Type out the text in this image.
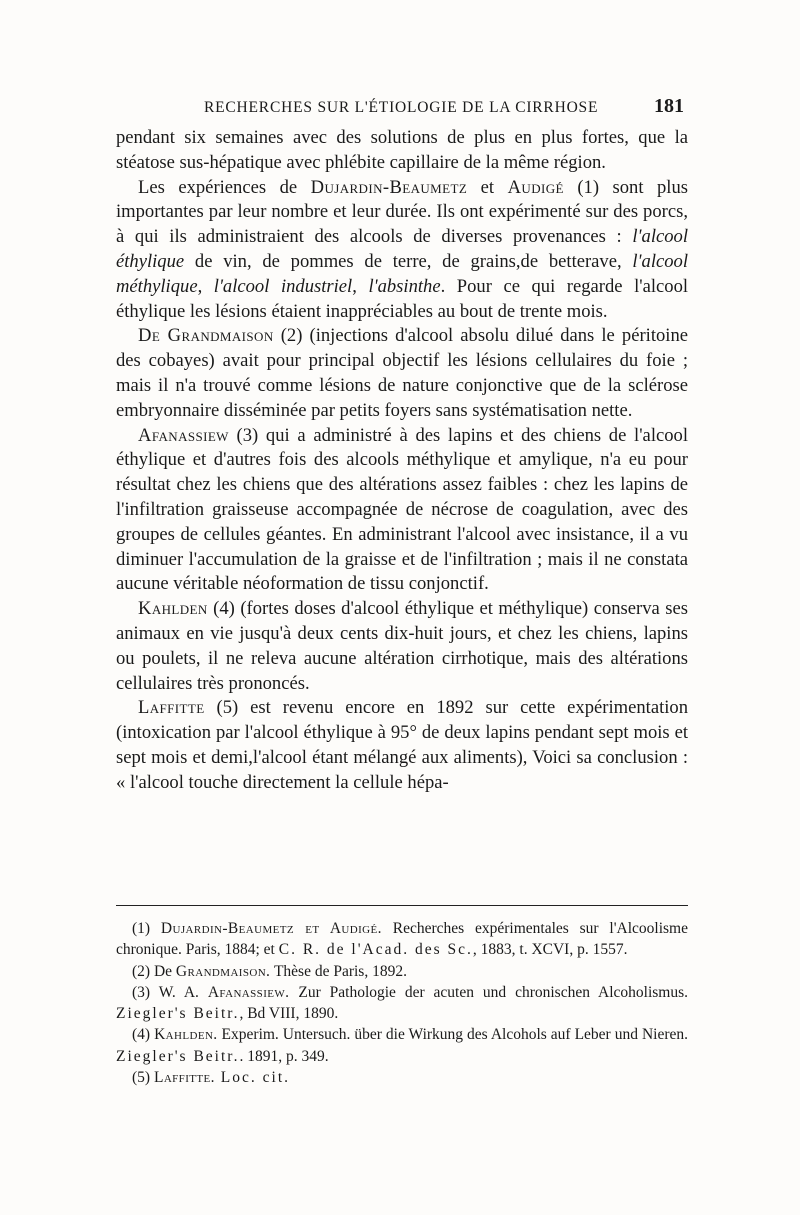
RECHERCHES SUR L'ÉTIOLOGIE DE LA CIRRHOSE	181

pendant six semaines avec des solutions de plus en plus fortes, que la stéatose sus-hépatique avec phlébite capillaire de la même région.

Les expériences de Dujardin-Beaumetz et Audigé (1) sont plus importantes par leur nombre et leur durée. Ils ont expérimenté sur des porcs, à qui ils administraient des alcools de diverses provenances : l'alcool éthylique de vin, de pommes de terre, de grains,de betterave, l'alcool méthylique, l'alcool industriel, l'absinthe. Pour ce qui regarde l'alcool éthylique les lésions étaient inappréciables au bout de trente mois.

De Grandmaison (2) (injections d'alcool absolu dilué dans le péritoine des cobayes) avait pour principal objectif les lésions cellulaires du foie ; mais il n'a trouvé comme lésions de nature conjonctive que de la sclérose embryonnaire disséminée par petits foyers sans systématisation nette.

Afanassiew (3) qui a administré à des lapins et des chiens de l'alcool éthylique et d'autres fois des alcools méthylique et amylique, n'a eu pour résultat chez les chiens que des altérations assez faibles : chez les lapins de l'infiltration graisseuse accompagnée de nécrose de coagulation, avec des groupes de cellules géantes. En administrant l'alcool avec insistance, il a vu diminuer l'accumulation de la graisse et de l'infiltration ; mais il ne constata aucune véritable néoformation de tissu conjonctif.

Kahlden (4) (fortes doses d'alcool éthylique et méthylique) conserva ses animaux en vie jusqu'à deux cents dix-huit jours, et chez les chiens, lapins ou poulets, il ne releva aucune altération cirrhotique, mais des altérations cellulaires très prononcés.

Laffitte (5) est revenu encore en 1892 sur cette expérimentation (intoxication par l'alcool éthylique à 95° de deux lapins pendant sept mois et sept mois et demi,l'alcool étant mélangé aux aliments), Voici sa conclusion : « l'alcool touche directement la cellule hépa-

(1) Dujardin-Beaumetz et Audigé. Recherches expérimentales sur l'Alcoolisme chronique. Paris, 1884; et C. R. de l'Acad. des Sc., 1883, t. XCVI, p. 1557.

(2) De Grandmaison. Thèse de Paris, 1892.

(3) W. A. Afanassiew. Zur Pathologie der acuten und chronischen Alcoholismus. Ziegler's Beitr., Bd VIII, 1890.

(4) Kahlden. Experim. Untersuch. über die Wirkung des Alcohols auf Leber und Nieren. Ziegler's Beitr.. 1891, p. 349.

(5) Laffitte. Loc. cit.
